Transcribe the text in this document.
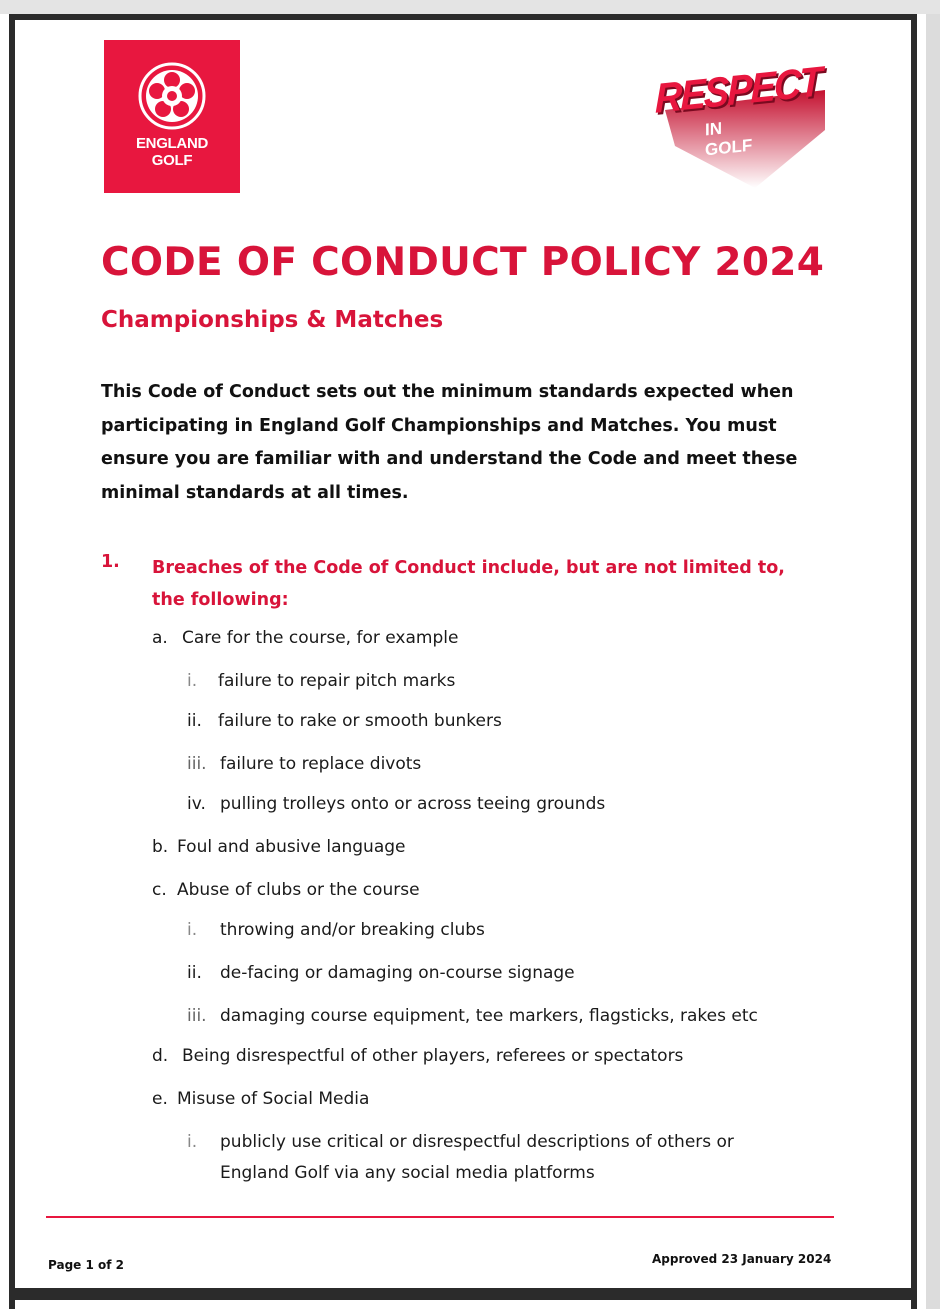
ENGLAND
GOLF
RESPECT
IN GOLF
CODE OF CONDUCT POLICY 2024
Championships & Matches
This Code of Conduct sets out the minimum standards expected when
participating in England Golf Championships and Matches. You must
ensure you are familiar with and understand the Code and meet these
minimal standards at all times.
1. Breaches of the Code of Conduct include, but are not limited to,
the following:
a. Care for the course, for example
i. failure to repair pitch marks
ii. failure to rake or smooth bunkers
iii. failure to replace divots
iv. pulling trolleys onto or across teeing grounds
b. Foul and abusive language
c. Abuse of clubs or the course
i. throwing and/or breaking clubs
ii. de-facing or damaging on-course signage
iii. damaging course equipment, tee markers, flagsticks, rakes etc
d. Being disrespectful of other players, referees or spectators
e. Misuse of Social Media
i. publicly use critical or disrespectful descriptions of others or
England Golf via any social media platforms
Page 1 of 2	Approved 23 January 2024
